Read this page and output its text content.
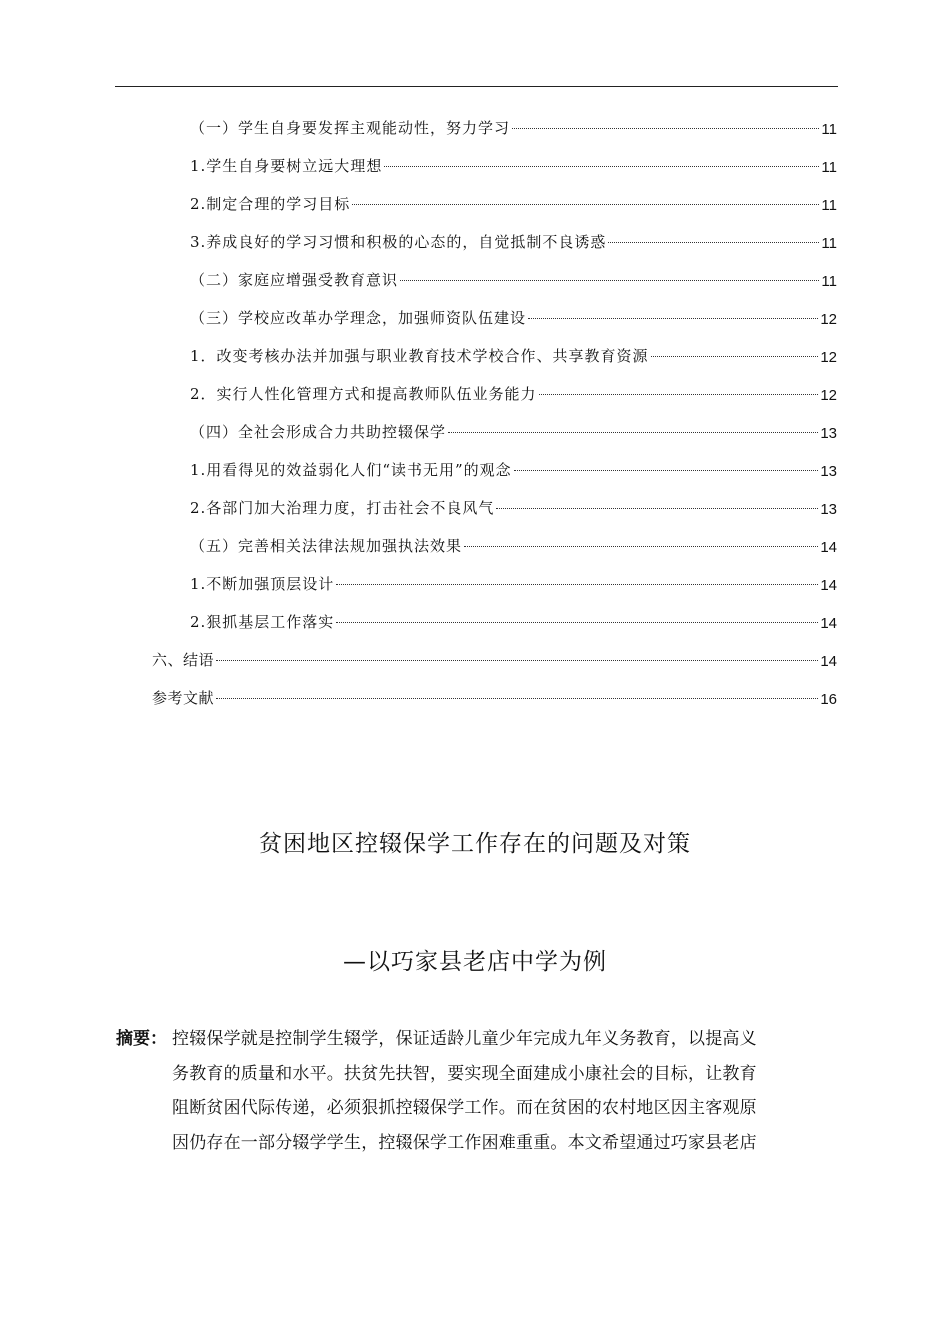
（一）学生自身要发挥主观能动性，努力学习	11
1.学生自身要树立远大理想	11
2.制定合理的学习目标	11
3.养成良好的学习习惯和积极的心态的，自觉抵制不良诱惑	11
（二）家庭应增强受教育意识	11
（三）学校应改革办学理念，加强师资队伍建设	12
1．改变考核办法并加强与职业教育技术学校合作、共享教育资源	12
2．实行人性化管理方式和提高教师队伍业务能力	12
（四）全社会形成合力共助控辍保学	13
1.用看得见的效益弱化人们“读书无用”的观念	13
2.各部门加大治理力度，打击社会不良风气	13
（五）完善相关法律法规加强执法效果	14
1.不断加强顶层设计	14
2.狠抓基层工作落实	14
六、结语	14
参考文献	16
贫困地区控辍保学工作存在的问题及对策
—以巧家县老店中学为例
摘要： 控辍保学就是控制学生辍学，保证适龄儿童少年完成九年义务教育，以提高义
务教育的质量和水平。扶贫先扶智，要实现全面建成小康社会的目标，让教育
阻断贫困代际传递，必须狠抓控辍保学工作。而在贫困的农村地区因主客观原
因仍存在一部分辍学学生，控辍保学工作困难重重。本文希望通过巧家县老店
